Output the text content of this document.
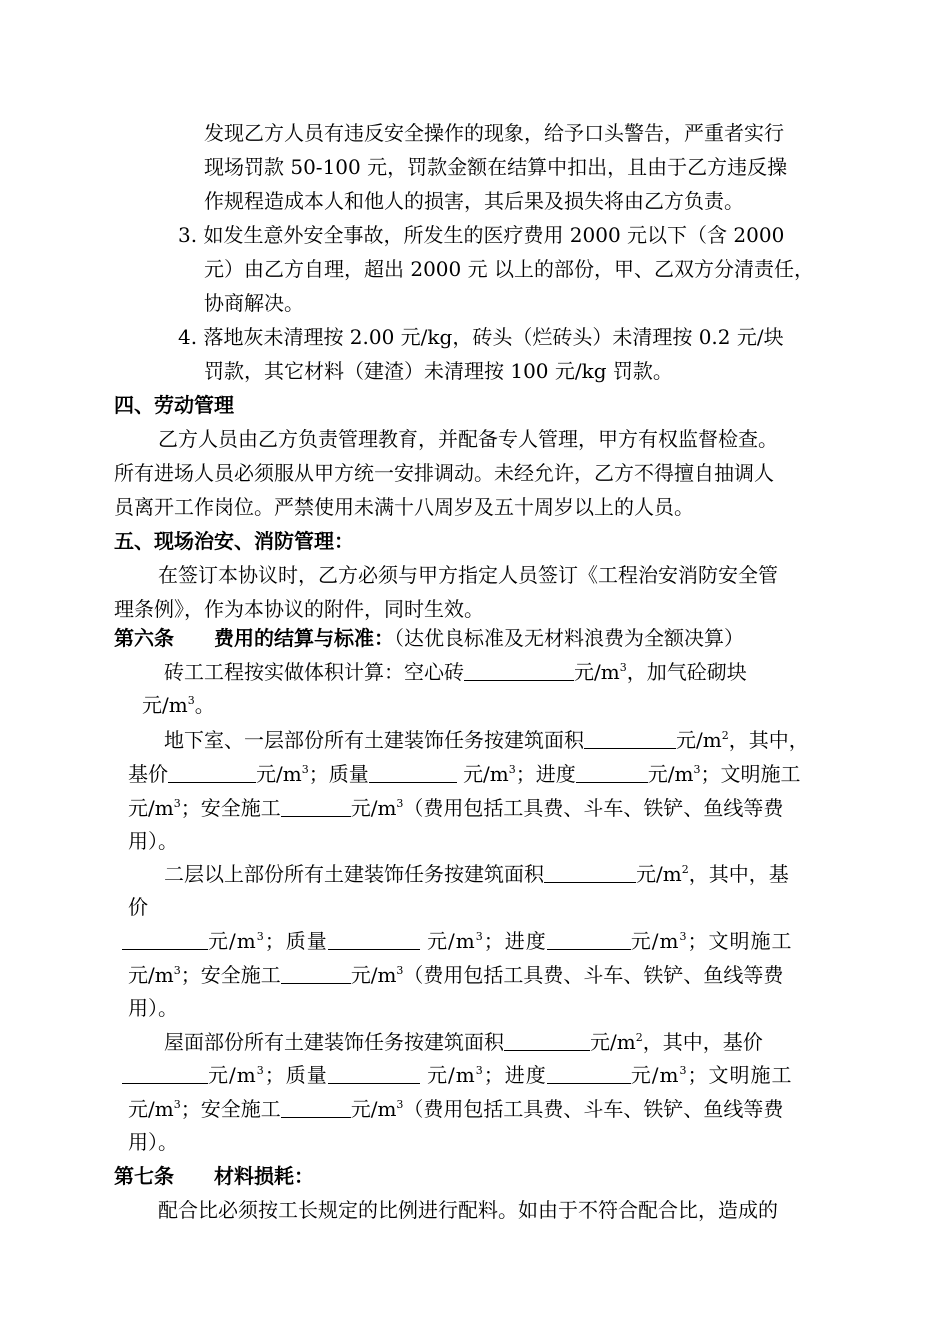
发现乙方人员有违反安全操作的现象，给予口头警告，严重者实行
现场罚款 50-100 元，罚款金额在结算中扣出，且由于乙方违反操
作规程造成本人和他人的损害，其后果及损失将由乙方负责。
3. 如发生意外安全事故，所发生的医疗费用 2000 元以下（含 2000
元）由乙方自理，超出 2000 元 以上的部份，甲、乙双方分清责任，
协商解决。
4. 落地灰未清理按 2.00 元/kg，砖头（烂砖头）未清理按 0.2 元/块
罚款，其它材料（建渣）未清理按 100 元/kg 罚款。
四、劳动管理
乙方人员由乙方负责管理教育，并配备专人管理，甲方有权监督检查。
所有进场人员必须服从甲方统一安排调动。未经允许，乙方不得擅自抽调人
员离开工作岗位。严禁使用未满十八周岁及五十周岁以上的人员。
五、现场治安、消防管理：
在签订本协议时，乙方必须与甲方指定人员签订《工程治安消防安全管
理条例》，作为本协议的附件，同时生效。
第六条　　费用的结算与标准：（达优良标准及无材料浪费为全额决算）
砖工工程按实做体积计算：空心砖	元$/m^3$，加气砼砌块
元$/m^3$。
地下室、一层部份所有土建装饰任务按建筑面积	元$/m^2$，其中，
基价	元$/m^3$；质量	元$/m^3$；进度	元$/m^3$；文明施工
元$/m^3$；安全施工	元$/m^3$（费用包括工具费、斗车、铁铲、鱼线等费
用）。
二层以上部份所有土建装饰任务按建筑面积	元$/m^2$，其中，基
价
元$/m^3$；质量	元$/m^3$；进度	元$/m^3$；文明施工
元$/m^3$；安全施工	元$/m^3$（费用包括工具费、斗车、铁铲、鱼线等费
用）。
屋面部份所有土建装饰任务按建筑面积	元$/m^2$，其中，基价
元$/m^3$；质量	元$/m^3$；进度	元$/m^3$；文明施工
元$/m^3$；安全施工	元$/m^3$（费用包括工具费、斗车、铁铲、鱼线等费
用）。
第七条　　材料损耗：
配合比必须按工长规定的比例进行配料。如由于不符合配合比，造成的
